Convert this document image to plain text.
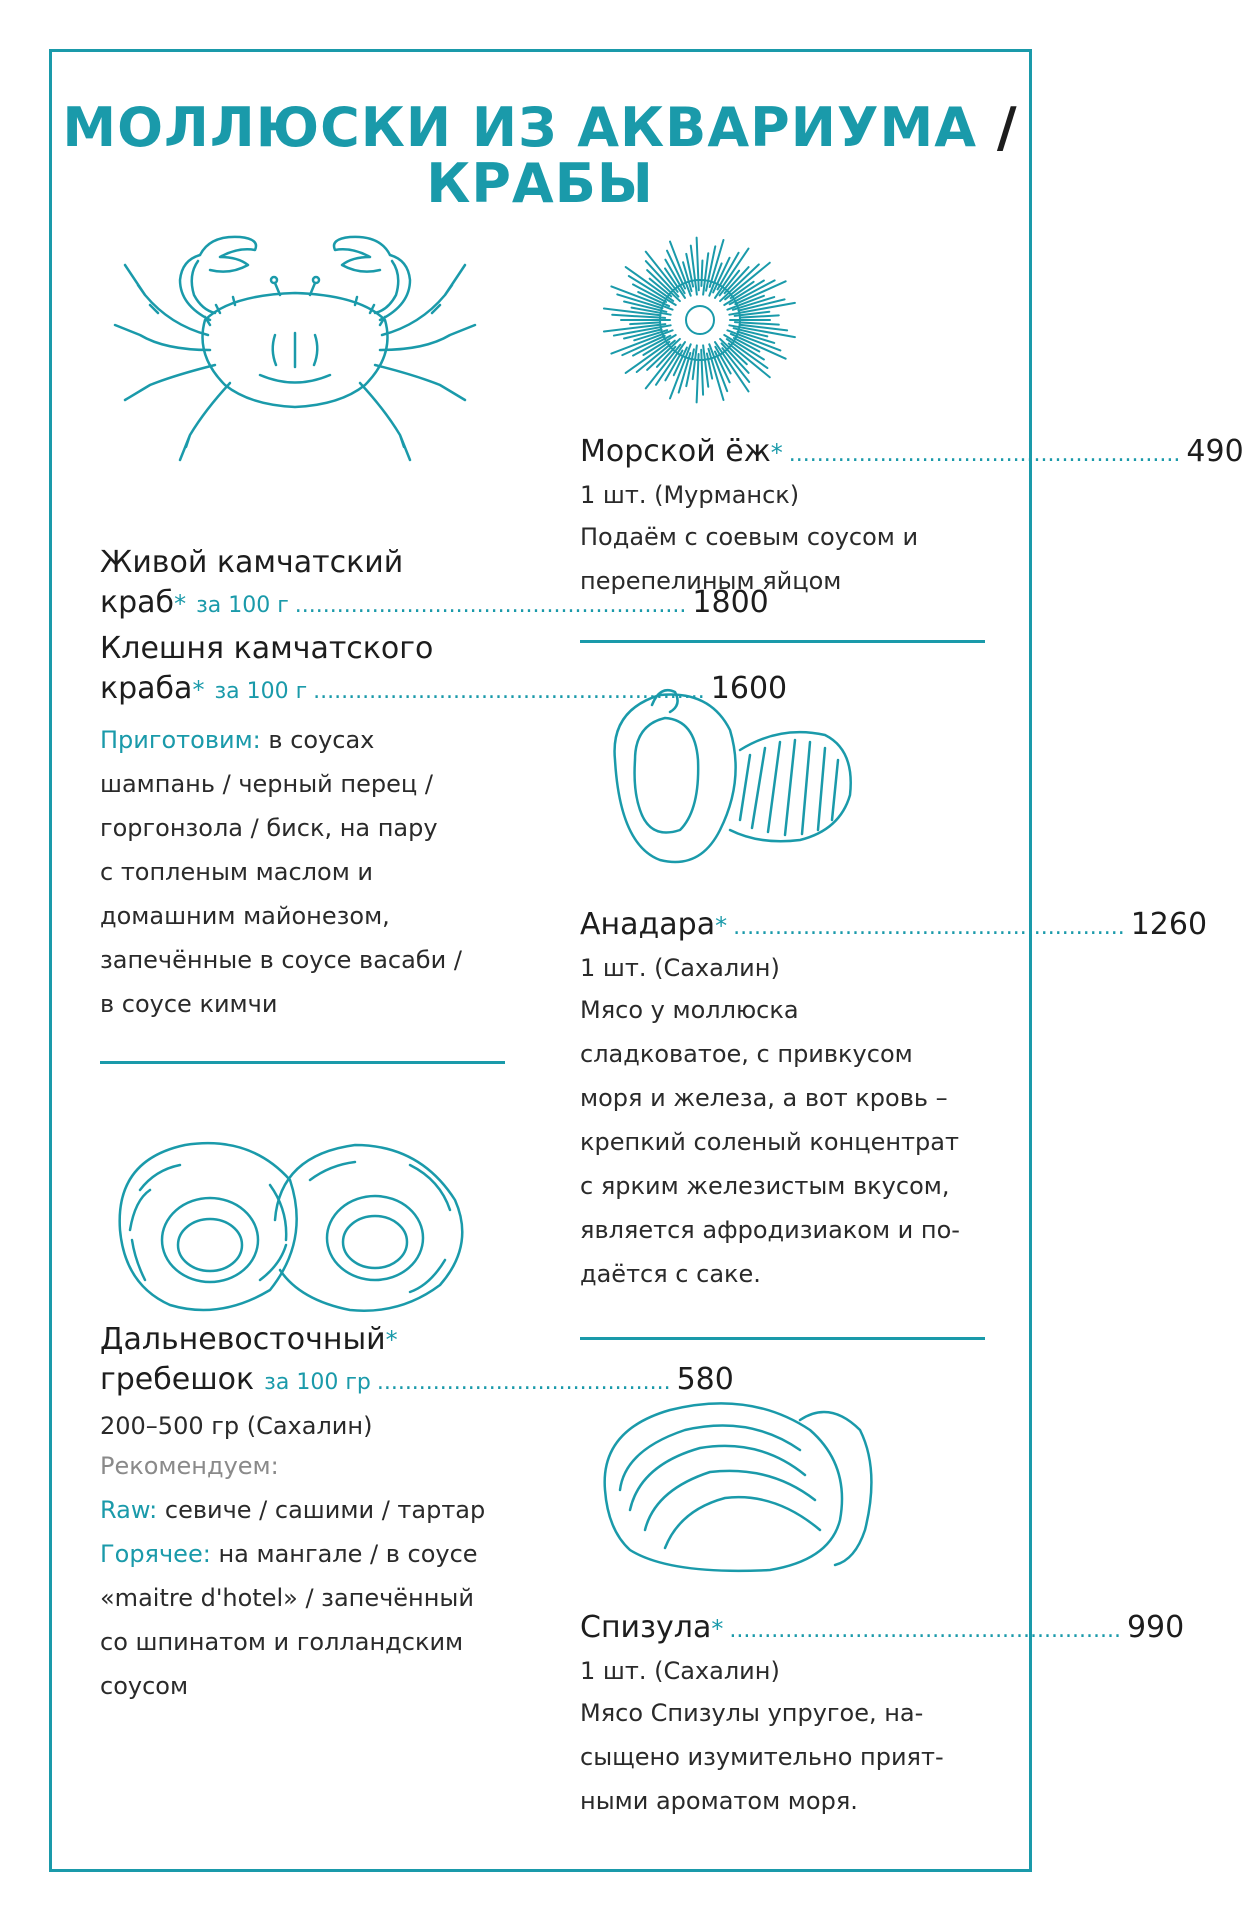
МОЛЛЮСКИ ИЗ АКВАРИУМА /
КРАБЫ
Живой камчатский
краб * за 100 г ........................................................ 1800
Клешня камчатского
краба * за 100 г ........................................................ 1600
Приготовим: в соусах
шампань / черный перец /
горгонзола / биск, на пару
с топленым маслом и
домашним майонезом,
запечённые в соусе васаби /
в соусе кимчи
Дальневосточный*
гребешок за 100 гр .......................................... 580
200–500 гр (Сахалин)
Рекомендуем:
Raw: севиче / сашими / тартар
Горячее: на мангале / в соусе
«maitre d'hotel» / запечённый
со шпинатом и голландским
соусом
Морской ёж * ........................................................ 490
1 шт. (Мурманск)
Подаём с соевым соусом и
перепелиным яйцом
Анадара * ........................................................ 1260
1 шт. (Сахалин)
Мясо у моллюска
сладковатое, с привкусом
моря и железа, а вот кровь –
крепкий соленый концентрат
с ярким железистым вкусом,
является афродизиаком и по-
даётся с саке.
Спизула * ........................................................ 990
1 шт. (Сахалин)
Мясо Спизулы упругое, на-
сыщено изумительно прият-
ными ароматом моря.
